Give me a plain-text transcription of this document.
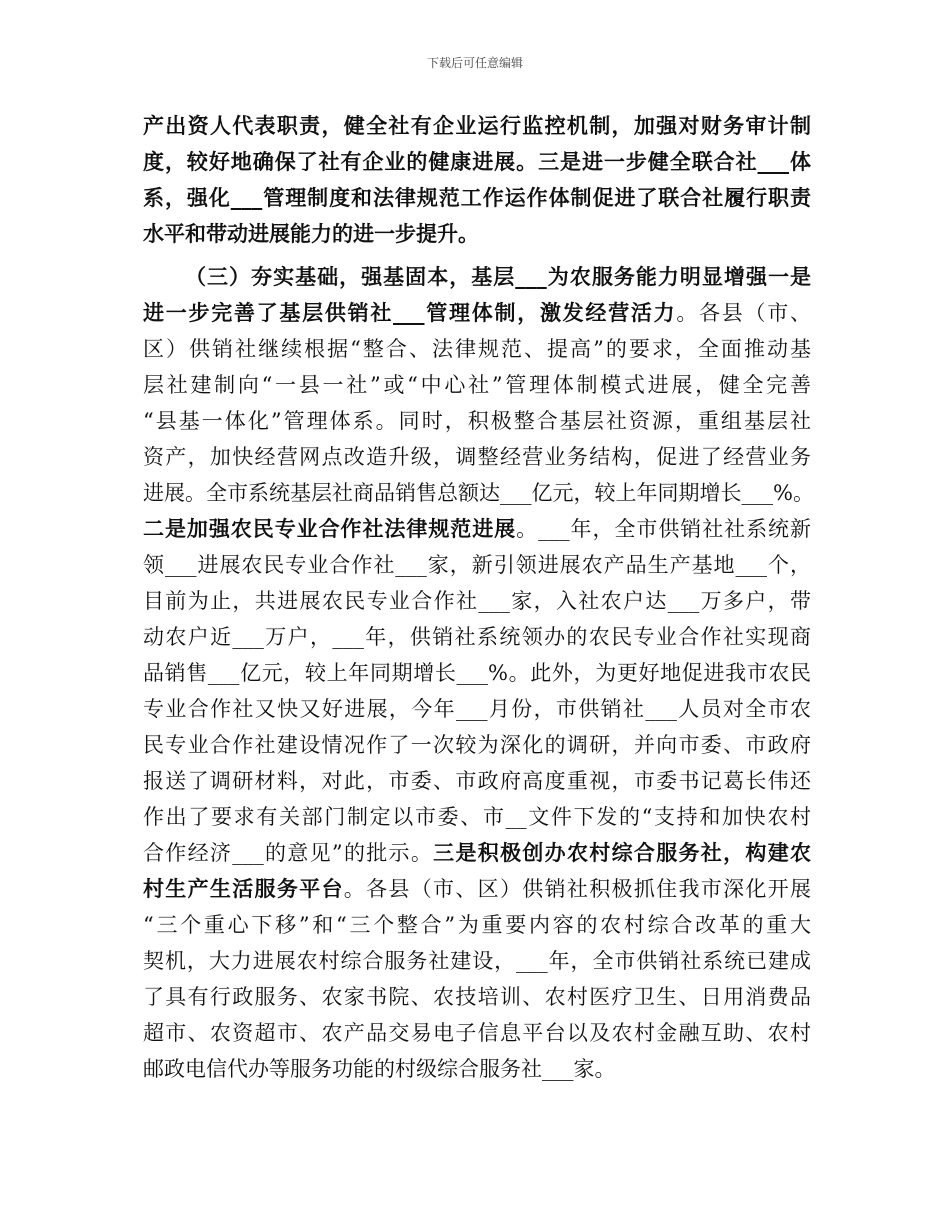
下载后可任意编辑
产出资人代表职责，健全社有企业运行监控机制，加强对财务审计制
度，较好地确保了社有企业的健康进展。三是进一步健全联合社___体
系，强化___管理制度和法律规范工作运作体制促进了联合社履行职责
水平和带动进展能力的进一步提升。
（三）夯实基础，强基固本，基层___为农服务能力明显增强一是
进一步完善了基层供销社___管理体制，激发经营活力。各县（市、
区）供销社继续根据“整合、法律规范、提高”的要求，全面推动基
层社建制向“一县一社”或“中心社”管理体制模式进展，健全完善
“县基一体化”管理体系。同时，积极整合基层社资源，重组基层社
资产，加快经营网点改造升级，调整经营业务结构，促进了经营业务
进展。全市系统基层社商品销售总额达___亿元，较上年同期增长___%。
二是加强农民专业合作社法律规范进展。___年，全市供销社社系统新
领___进展农民专业合作社___家，新引领进展农产品生产基地___个，
目前为止，共进展农民专业合作社___家，入社农户达___万多户，带
动农户近___万户，___年，供销社系统领办的农民专业合作社实现商
品销售___亿元，较上年同期增长___%。此外，为更好地促进我市农民
专业合作社又快又好进展，今年___月份，市供销社___人员对全市农
民专业合作社建设情况作了一次较为深化的调研，并向市委、市政府
报送了调研材料，对此，市委、市政府高度重视，市委书记葛长伟还
作出了要求有关部门制定以市委、市__文件下发的“支持和加快农村
合作经济___的意见”的批示。三是积极创办农村综合服务社，构建农
村生产生活服务平台。各县（市、区）供销社积极抓住我市深化开展
“三个重心下移”和“三个整合”为重要内容的农村综合改革的重大
契机，大力进展农村综合服务社建设，___年，全市供销社系统已建成
了具有行政服务、农家书院、农技培训、农村医疗卫生、日用消费品
超市、农资超市、农产品交易电子信息平台以及农村金融互助、农村
邮政电信代办等服务功能的村级综合服务社___家。
